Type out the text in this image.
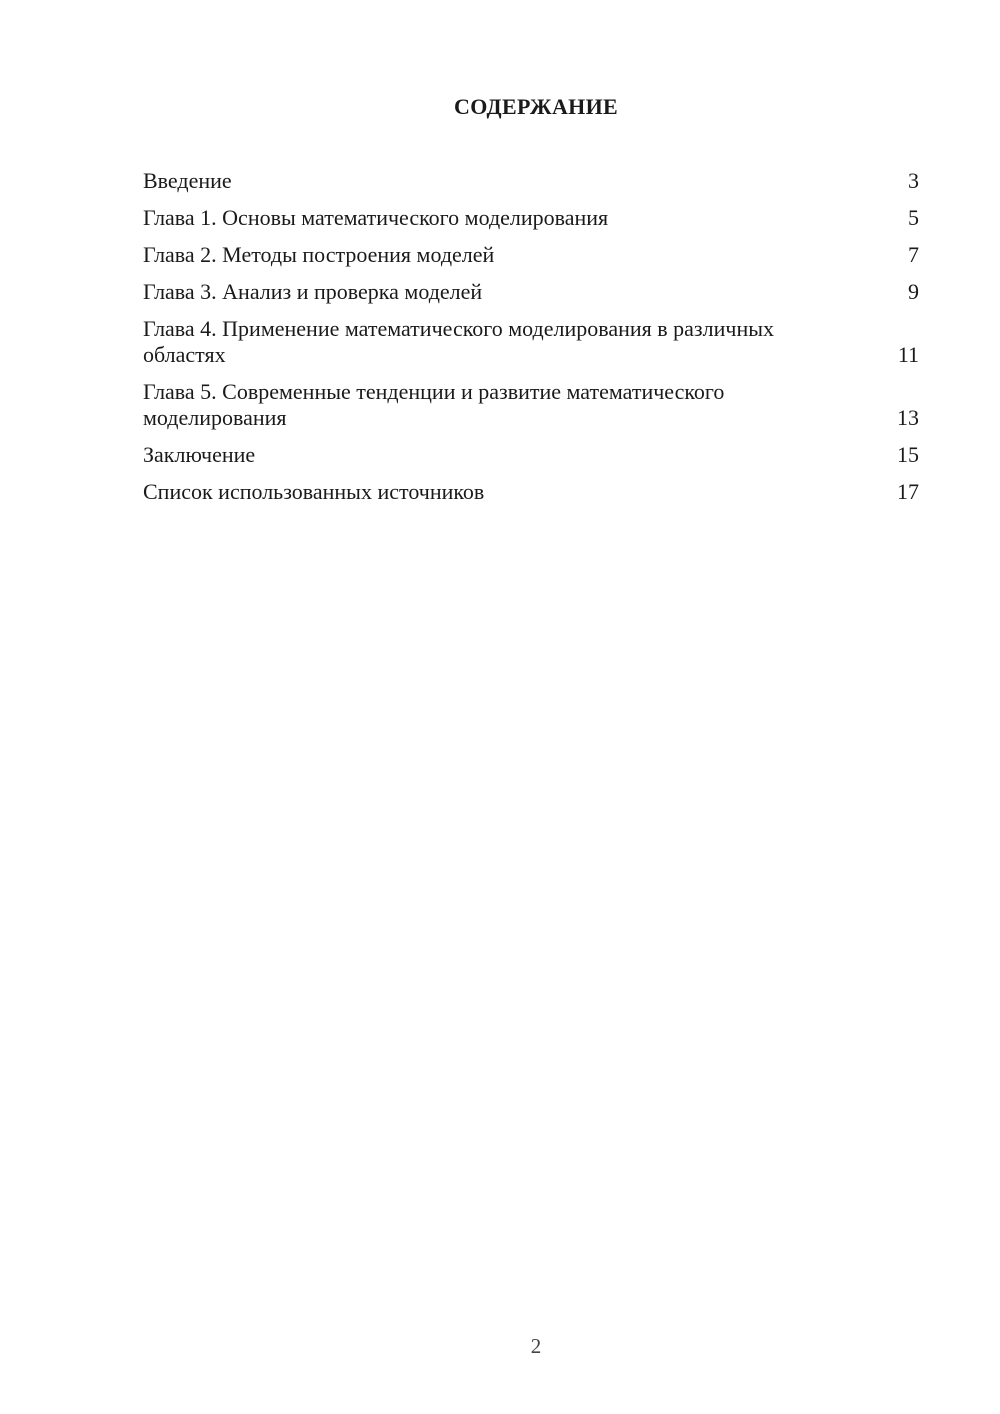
СОДЕРЖАНИЕ
Введение	3
Глава 1. Основы математического моделирования	5
Глава 2. Методы построения моделей	7
Глава 3. Анализ и проверка моделей	9
Глава 4. Применение математического моделирования в различных областях	11
Глава 5. Современные тенденции и развитие математического моделирования	13
Заключение	15
Список использованных источников	17
2
